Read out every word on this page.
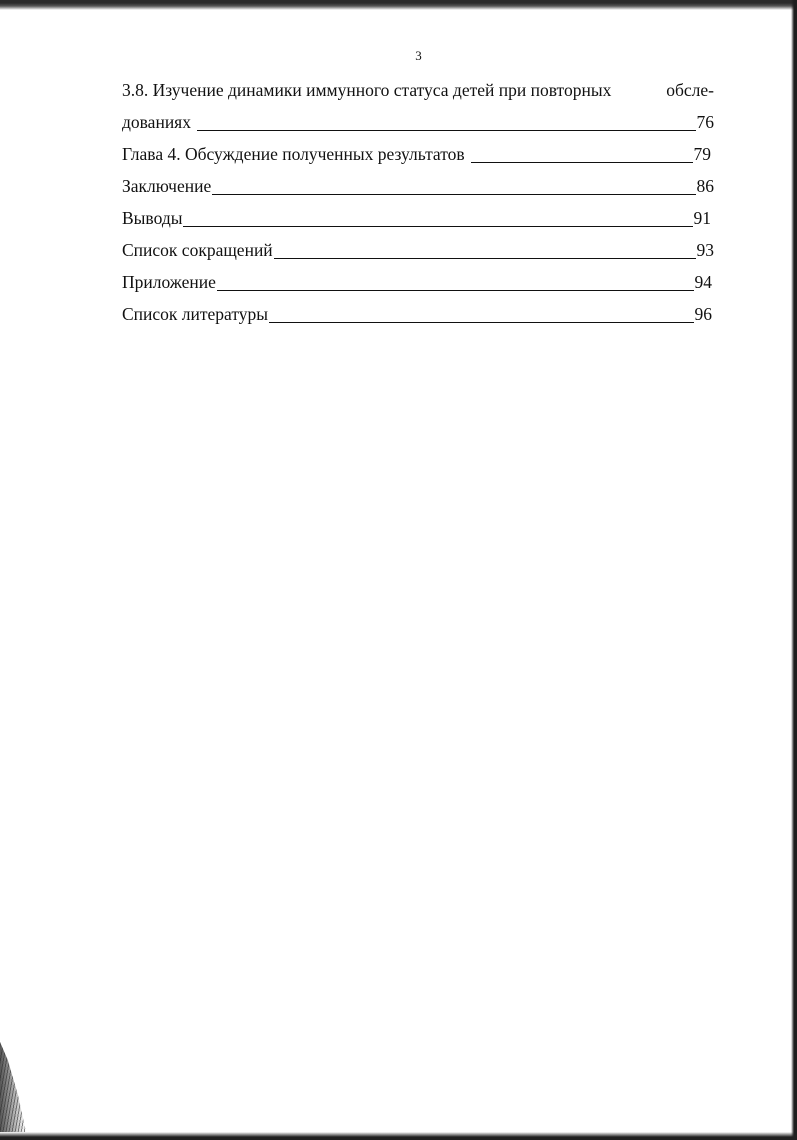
3
3.8. Изучение динамики иммунного статуса детей при повторных	обсле-
дованиях	76
Глава 4. Обсуждение полученных результатов	79
Заключение	86
Выводы	91
Список сокращений	93
Приложение	94
Список литературы	96
